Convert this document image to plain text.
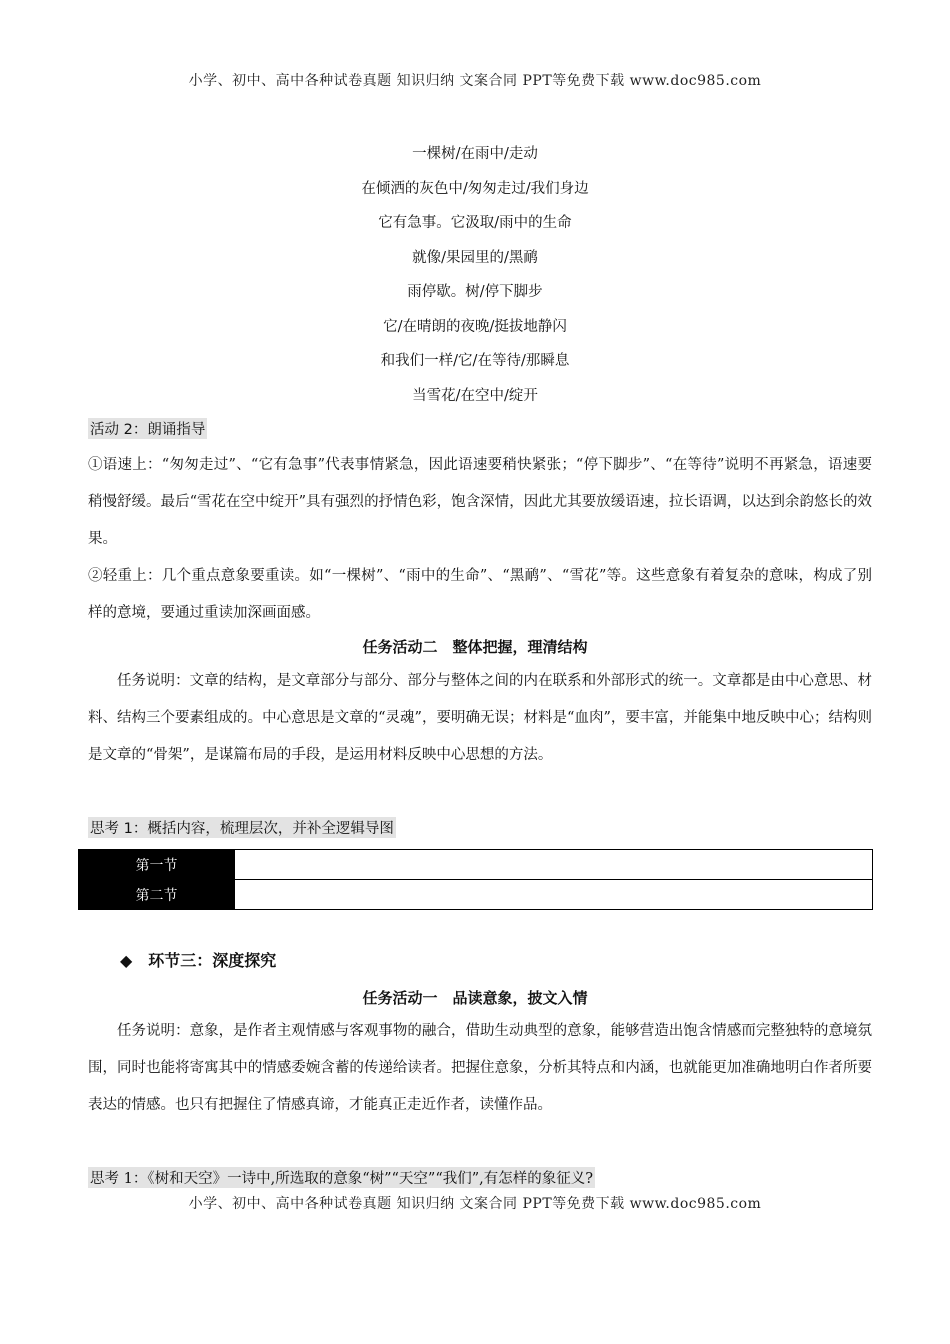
小学、初中、高中各种试卷真题 知识归纳 文案合同 PPT等免费下载 www.doc985.com
一棵树/在雨中/走动
在倾洒的灰色中/匆匆走过/我们身边
它有急事。它汲取/雨中的生命
就像/果园里的/黑鸸
雨停歇。树/停下脚步
它/在晴朗的夜晚/挺拔地静闪
和我们一样/它/在等待/那瞬息
当雪花/在空中/绽开
活动 2：朗诵指导
①语速上：“匆匆走过”、“它有急事”代表事情紧急，因此语速要稍快紧张；“停下脚步”、“在等待”说明不再紧急，语速要稍慢舒缓。最后“雪花在空中绽开”具有强烈的抒情色彩，饱含深情，因此尤其要放缓语速，拉长语调，以达到余韵悠长的效果。
②轻重上：几个重点意象要重读。如“一棵树”、“雨中的生命”、“黑鸸”、“雪花”等。这些意象有着复杂的意味，构成了别样的意境，要通过重读加深画面感。
任务活动二　整体把握，理清结构
任务说明：文章的结构，是文章部分与部分、部分与整体之间的内在联系和外部形式的统一。文章都是由中心意思、材料、结构三个要素组成的。中心意思是文章的“灵魂”，要明确无误；材料是“血肉”，要丰富，并能集中地反映中心；结构则是文章的“骨架”，是谋篇布局的手段，是运用材料反映中心思想的方法。
思考 1：概括内容，梳理层次，并补全逻辑导图
第一节	
第二节	
◆　环节三：深度探究
任务活动一　品读意象，披文入情
任务说明：意象，是作者主观情感与客观事物的融合，借助生动典型的意象，能够营造出饱含情感而完整独特的意境氛围，同时也能将寄寓其中的情感委婉含蓄的传递给读者。把握住意象，分析其特点和内涵，也就能更加准确地明白作者所要表达的情感。也只有把握住了情感真谛，才能真正走近作者，读懂作品。
思考 1：《树和天空》一诗中,所选取的意象“树”“天空”“我们”,有怎样的象征义?
小学、初中、高中各种试卷真题 知识归纳 文案合同 PPT等免费下载 www.doc985.com
